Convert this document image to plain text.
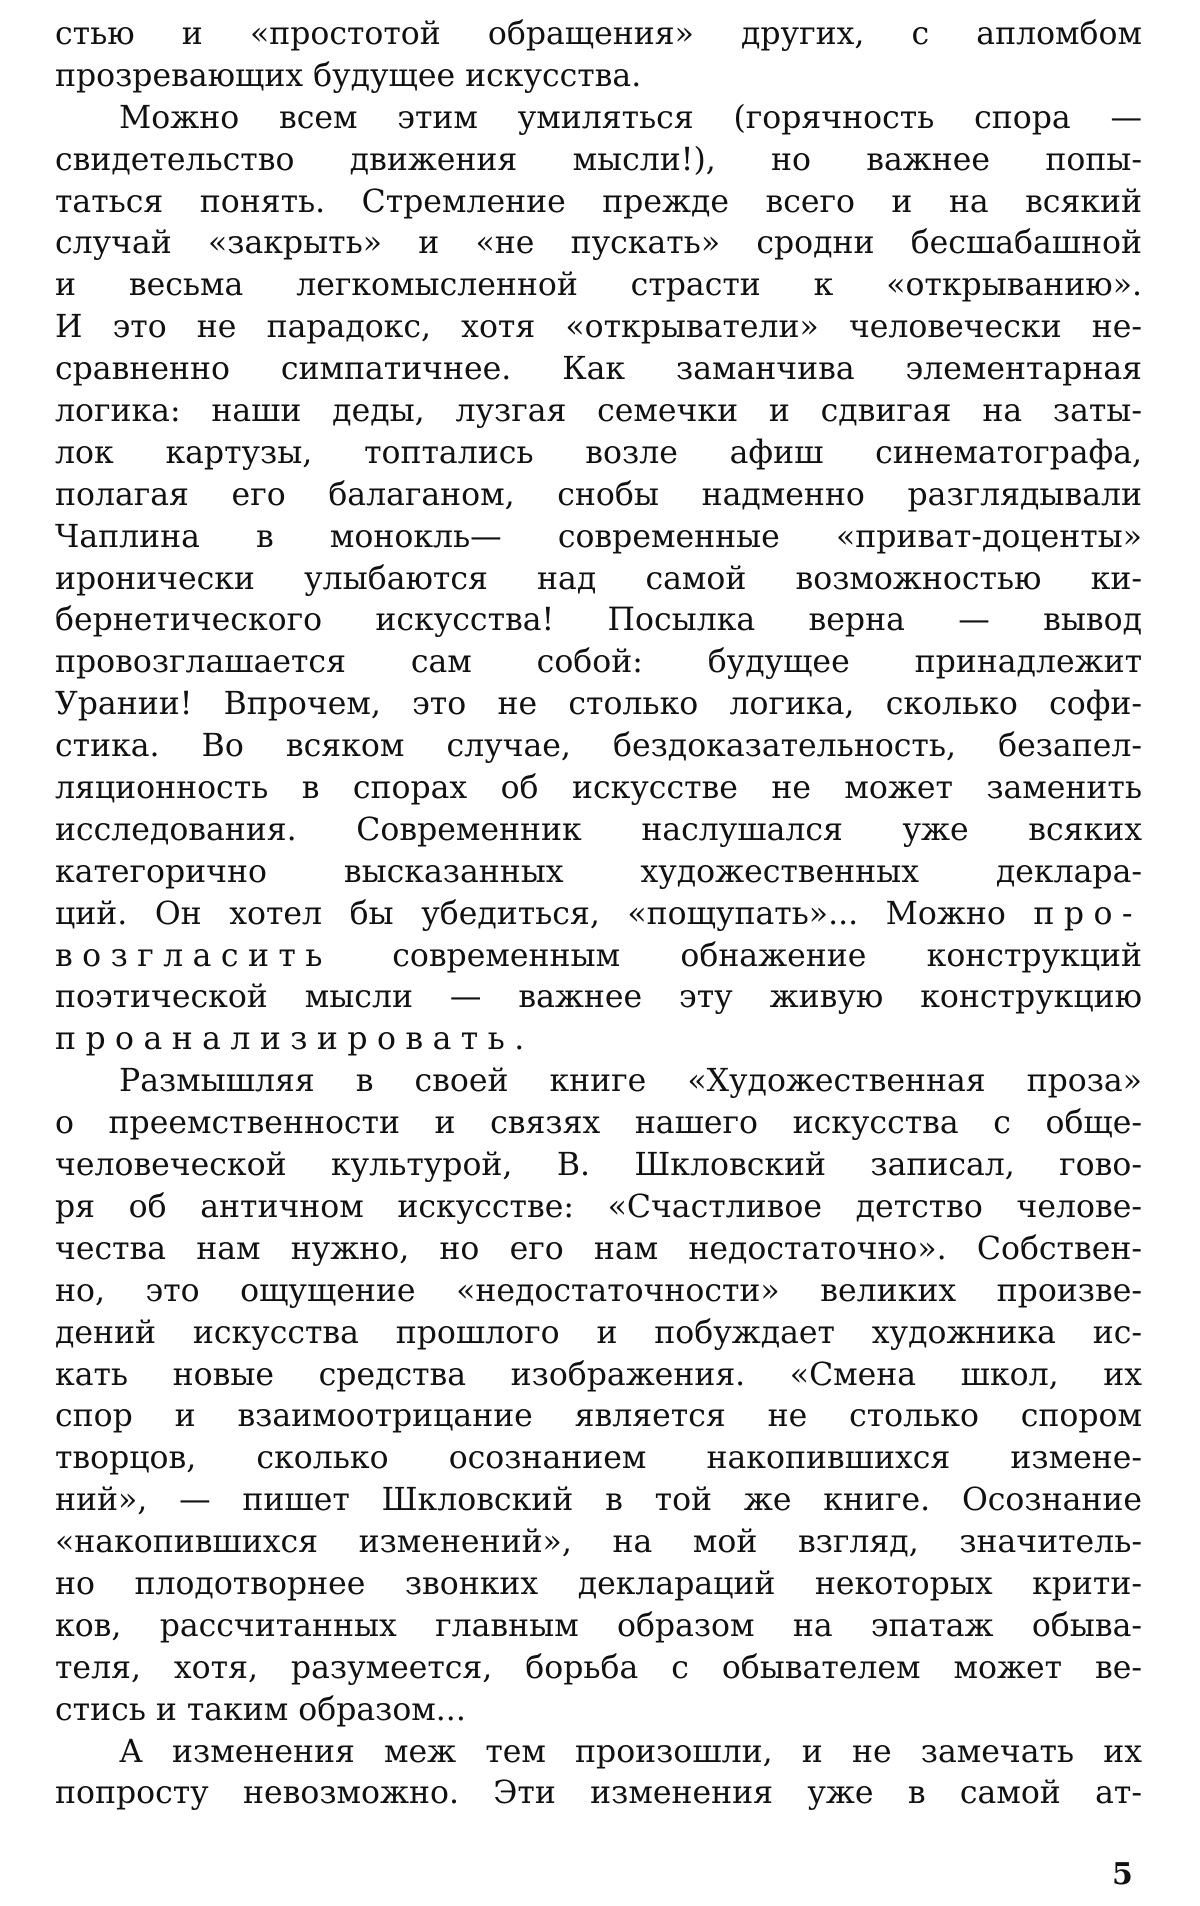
стью и «простотой обращения» других, с апломбом
прозревающих будущее искусства.
Можно всем этим умиляться (горячность спора —
свидетельство движения мысли!), но важнее попы-
таться понять. Стремление прежде всего и на всякий
случай «закрыть» и «не пускать» сродни бесшабашной
и весьма легкомысленной страсти к «открыванию».
И это не парадокс, хотя «открыватели» человечески не-
сравненно симпатичнее. Как заманчива элементарная
логика: наши деды, лузгая семечки и сдвигая на заты-
лок картузы, топтались возле афиш синематографа,
полагая его балаганом, снобы надменно разглядывали
Чаплина в монокль— современные «приват-доценты»
иронически улыбаются над самой возможностью ки-
бернетического искусства! Посылка верна — вывод
провозглашается сам собой: будущее принадлежит
Урании! Впрочем, это не столько логика, сколько софи-
стика. Во всяком случае, бездоказательность, безапел-
ляционность в спорах об искусстве не может заменить
исследования. Современник наслушался уже всяких
категорично высказанных художественных деклара-
ций. Он хотел бы убедиться, «пощупать»... Можно про-
возгласить современным обнажение конструкций
поэтической мысли — важнее эту живую конструкцию
проанализировать.
Размышляя в своей книге «Художественная проза»
о преемственности и связях нашего искусства с обще-
человеческой культурой, В. Шкловский записал, гово-
ря об античном искусстве: «Счастливое детство челове-
чества нам нужно, но его нам недостаточно». Собствен-
но, это ощущение «недостаточности» великих произве-
дений искусства прошлого и побуждает художника ис-
кать новые средства изображения. «Смена школ, их
спор и взаимоотрицание является не столько спором
творцов, сколько осознанием накопившихся измене-
ний», — пишет Шкловский в той же книге. Осознание
«накопившихся изменений», на мой взгляд, значитель-
но плодотворнее звонких деклараций некоторых крити-
ков, рассчитанных главным образом на эпатаж обыва-
теля, хотя, разумеется, борьба с обывателем может ве-
стись и таким образом...
А изменения меж тем произошли, и не замечать их
попросту невозможно. Эти изменения уже в самой ат-
5
